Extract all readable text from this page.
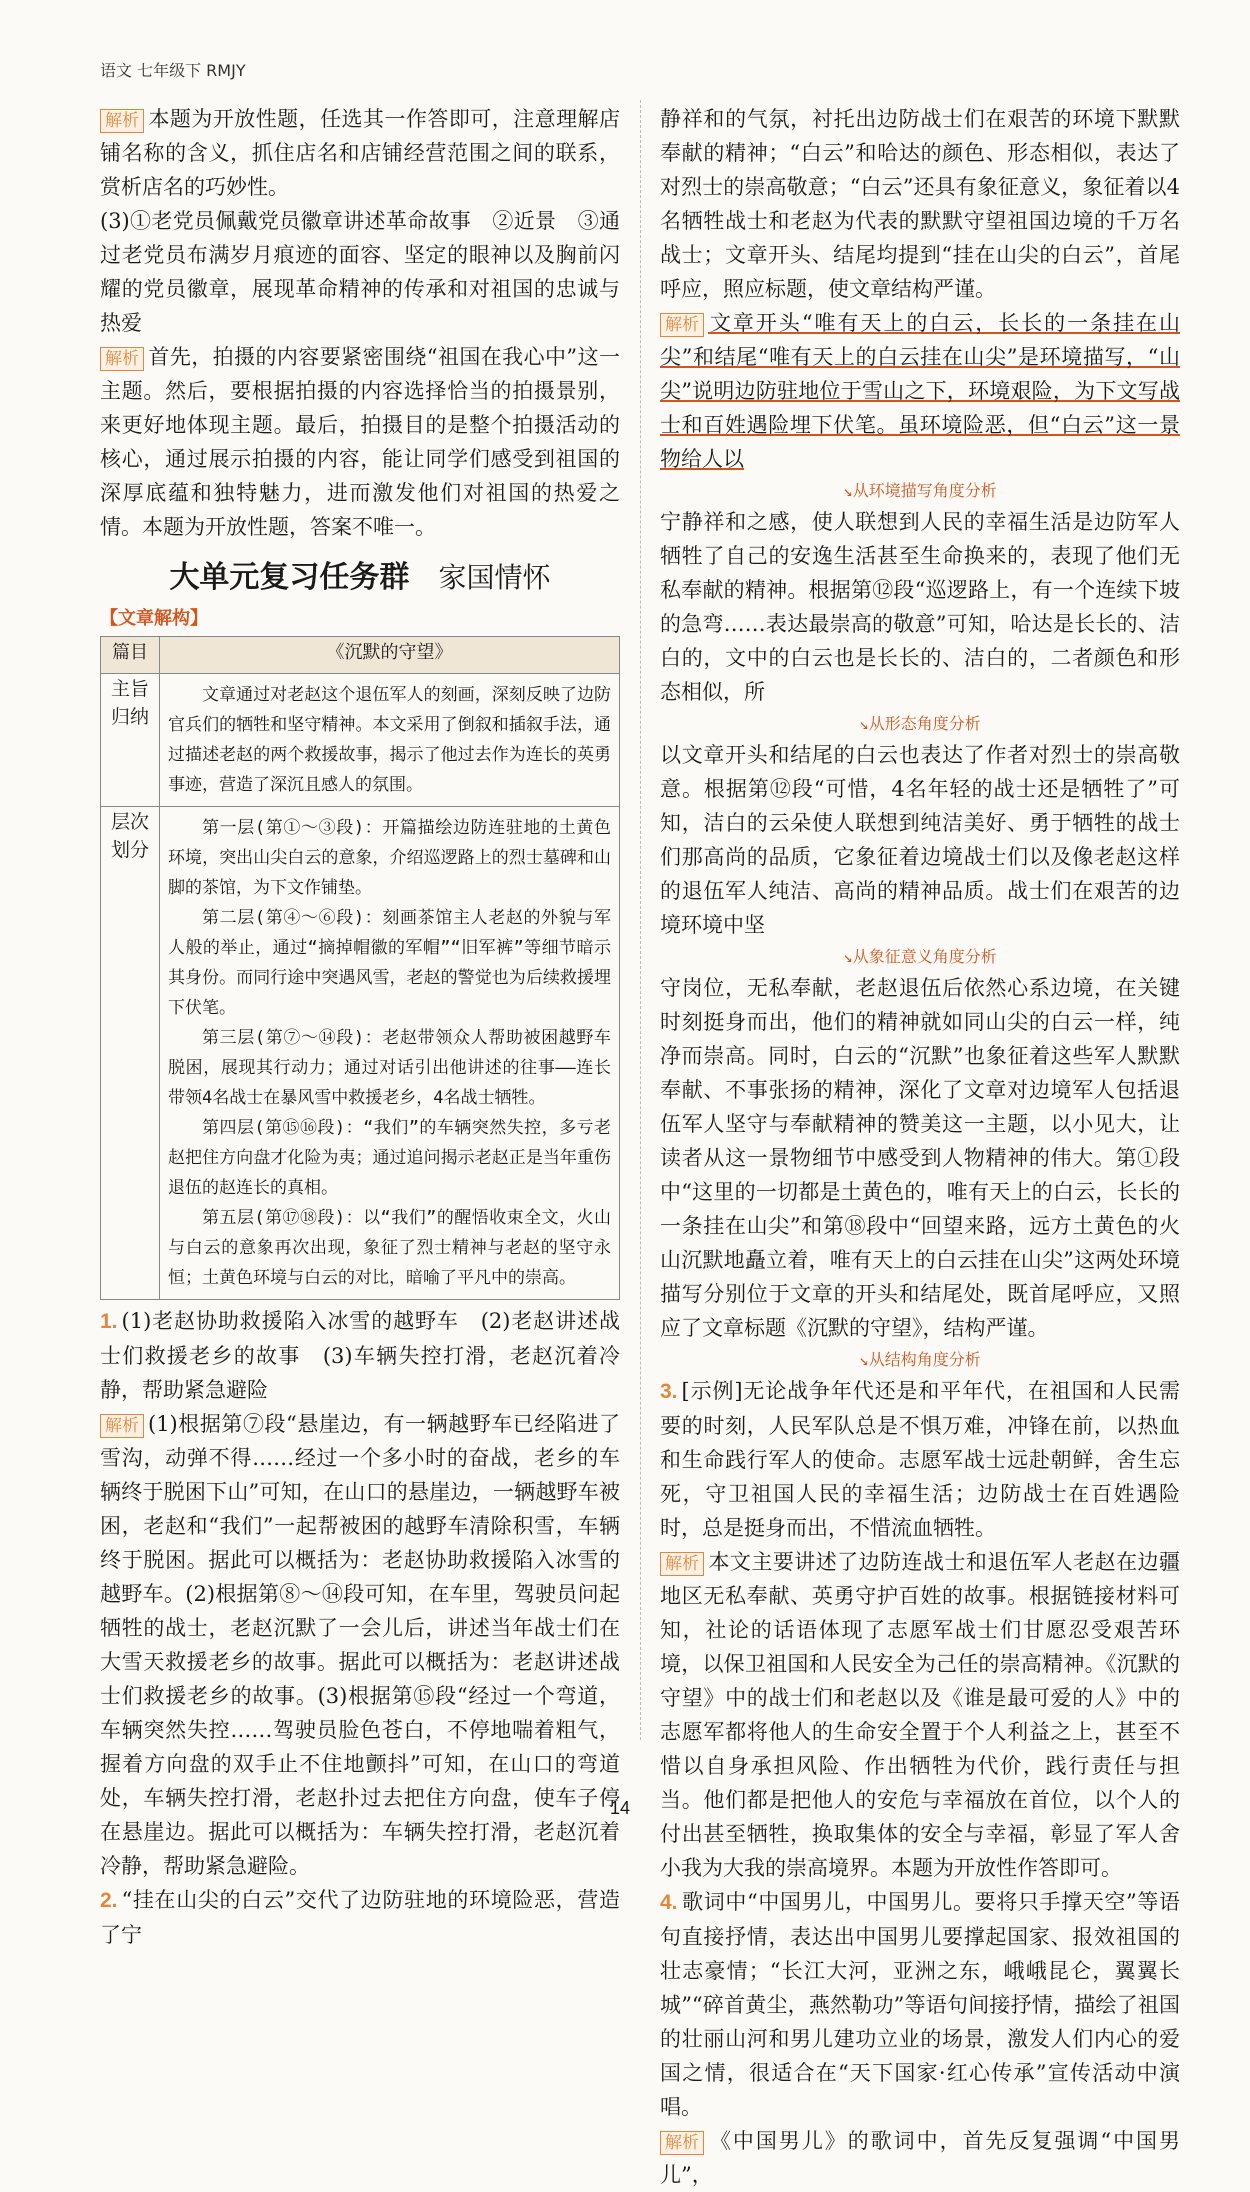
语文 七年级下 RMJY

解析 本题为开放性题，任选其一作答即可，注意理解店铺名称的含义，抓住店名和店铺经营范围之间的联系，赏析店名的巧妙性。

(3)①老党员佩戴党员徽章讲述革命故事　②近景　③通过老党员布满岁月痕迹的面容、坚定的眼神以及胸前闪耀的党员徽章，展现革命精神的传承和对祖国的忠诚与热爱

解析 首先，拍摄的内容要紧密围绕“祖国在我心中”这一主题。然后，要根据拍摄的内容选择恰当的拍摄景别，来更好地体现主题。最后，拍摄目的是整个拍摄活动的核心，通过展示拍摄的内容，能让同学们感受到祖国的深厚底蕴和独特魅力，进而激发他们对祖国的热爱之情。本题为开放性题，答案不唯一。

大单元复习任务群 家国情怀
【文章解构】
篇目	《沉默的守望》
主旨归纳	文章通过对老赵这个退伍军人的刻画，深刻反映了边防官兵们的牺牲和坚守精神。本文采用了倒叙和插叙手法，通过描述老赵的两个救援故事，揭示了他过去作为连长的英勇事迹，营造了深沉且感人的氛围。

层次划分	第一层(第①～③段)：开篇描绘边防连驻地的土黄色环境，突出山尖白云的意象，介绍巡逻路上的烈士墓碑和山脚的茶馆，为下文作铺垫。

第二层(第④～⑥段)：刻画茶馆主人老赵的外貌与军人般的举止，通过“摘掉帽徽的军帽”“旧军裤”等细节暗示其身份。而同行途中突遇风雪，老赵的警觉也为后续救援埋下伏笔。

第三层(第⑦～⑭段)：老赵带领众人帮助被困越野车脱困，展现其行动力；通过对话引出他讲述的往事——连长带领4名战士在暴风雪中救援老乡，4名战士牺牲。

第四层(第⑮⑯段)：“我们”的车辆突然失控，多亏老赵把住方向盘才化险为夷；通过追问揭示老赵正是当年重伤退伍的赵连长的真相。

第五层(第⑰⑱段)：以“我们”的醒悟收束全文，火山与白云的意象再次出现，象征了烈士精神与老赵的坚守永恒；土黄色环境与白云的对比，暗喻了平凡中的崇高。

1. (1)老赵协助救援陷入冰雪的越野车　(2)老赵讲述战士们救援老乡的故事　(3)车辆失控打滑，老赵沉着冷静，帮助紧急避险

解析 (1)根据第⑦段“悬崖边，有一辆越野车已经陷进了雪沟，动弹不得……经过一个多小时的奋战，老乡的车辆终于脱困下山”可知，在山口的悬崖边，一辆越野车被困，老赵和“我们”一起帮被困的越野车清除积雪，车辆终于脱困。据此可以概括为：老赵协助救援陷入冰雪的越野车。(2)根据第⑧～⑭段可知，在车里，驾驶员问起牺牲的战士，老赵沉默了一会儿后，讲述当年战士们在大雪天救援老乡的故事。据此可以概括为：老赵讲述战士们救援老乡的故事。(3)根据第⑮段“经过一个弯道，车辆突然失控……驾驶员脸色苍白，不停地喘着粗气，握着方向盘的双手止不住地颤抖”可知，在山口的弯道处，车辆失控打滑，老赵扑过去把住方向盘，使车子停在悬崖边。据此可以概括为：车辆失控打滑，老赵沉着冷静，帮助紧急避险。

2. “挂在山尖的白云”交代了边防驻地的环境险恶，营造了宁

静祥和的气氛，衬托出边防战士们在艰苦的环境下默默奉献的精神；“白云”和哈达的颜色、形态相似，表达了对烈士的崇高敬意；“白云”还具有象征意义，象征着以4名牺牲战士和老赵为代表的默默守望祖国边境的千万名战士；文章开头、结尾均提到“挂在山尖的白云”，首尾呼应，照应标题，使文章结构严谨。

解析 文章开头“唯有天上的白云，长长的一条挂在山尖”和结尾“唯有天上的白云挂在山尖”是环境描写，“山尖”说明边防驻地位于雪山之下，环境艰险，为下文写战士和百姓遇险埋下伏笔。虽环境险恶，但“白云”这一景物给人以

↘从环境描写角度分析

宁静祥和之感，使人联想到人民的幸福生活是边防军人牺牲了自己的安逸生活甚至生命换来的，表现了他们无私奉献的精神。根据第⑫段“巡逻路上，有一个连续下坡的急弯……表达最崇高的敬意”可知，哈达是长长的、洁白的，文中的白云也是长长的、洁白的，二者颜色和形态相似，所

↘从形态角度分析

以文章开头和结尾的白云也表达了作者对烈士的崇高敬意。根据第⑫段“可惜，4名年轻的战士还是牺牲了”可知，洁白的云朵使人联想到纯洁美好、勇于牺牲的战士们那高尚的品质，它象征着边境战士们以及像老赵这样的退伍军人纯洁、高尚的精神品质。战士们在艰苦的边境环境中坚

↘从象征意义角度分析

守岗位，无私奉献，老赵退伍后依然心系边境，在关键时刻挺身而出，他们的精神就如同山尖的白云一样，纯净而崇高。同时，白云的“沉默”也象征着这些军人默默奉献、不事张扬的精神，深化了文章对边境军人包括退伍军人坚守与奉献精神的赞美这一主题，以小见大，让读者从这一景物细节中感受到人物精神的伟大。第①段中“这里的一切都是土黄色的，唯有天上的白云，长长的一条挂在山尖”和第⑱段中“回望来路，远方土黄色的火山沉默地矗立着，唯有天上的白云挂在山尖”这两处环境描写分别位于文章的开头和结尾处，既首尾呼应，又照应了文章标题《沉默的守望》，结构严谨。

↘从结构角度分析

3. [示例]无论战争年代还是和平年代，在祖国和人民需要的时刻，人民军队总是不惧万难，冲锋在前，以热血和生命践行军人的使命。志愿军战士远赴朝鲜，舍生忘死，守卫祖国人民的幸福生活；边防战士在百姓遇险时，总是挺身而出，不惜流血牺牲。

解析 本文主要讲述了边防连战士和退伍军人老赵在边疆地区无私奉献、英勇守护百姓的故事。根据链接材料可知，社论的话语体现了志愿军战士们甘愿忍受艰苦环境，以保卫祖国和人民安全为己任的崇高精神。《沉默的守望》中的战士们和老赵以及《谁是最可爱的人》中的志愿军都将他人的生命安全置于个人利益之上，甚至不惜以自身承担风险、作出牺牲为代价，践行责任与担当。他们都是把他人的安危与幸福放在首位，以个人的付出甚至牺牲，换取集体的安全与幸福，彰显了军人舍小我为大我的崇高境界。本题为开放性作答即可。

4. 歌词中“中国男儿，中国男儿。要将只手撑天空”等语句直接抒情，表达出中国男儿要撑起国家、报效祖国的壮志豪情；“长江大河，亚洲之东，峨峨昆仑，翼翼长城”“碎首黄尘，燕然勒功”等语句间接抒情，描绘了祖国的壮丽山河和男儿建功立业的场景，激发人们内心的爱国之情，很适合在“天下国家·红心传承”宣传活动中演唱。

解析 《中国男儿》的歌词中，首先反复强调“中国男儿”，

14
